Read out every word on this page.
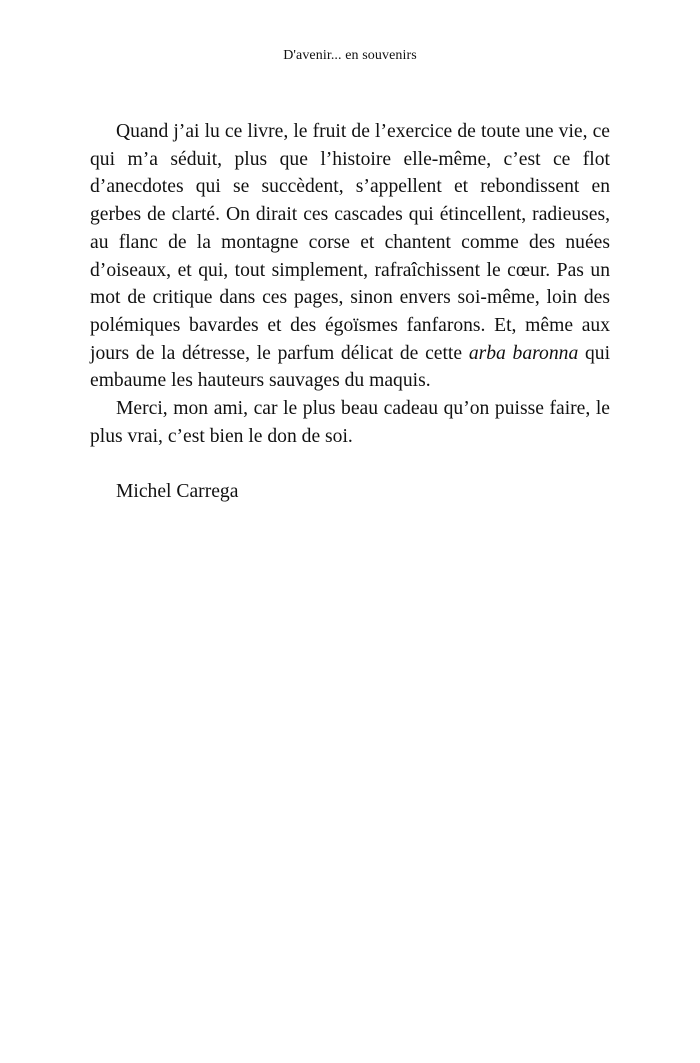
D'avenir... en souvenirs

Quand j’ai lu ce livre, le fruit de l’exercice de toute une vie, ce qui m’a séduit, plus que l’histoire elle-même, c’est ce flot d’anecdotes qui se succèdent, s’appellent et rebondissent en gerbes de clarté. On dirait ces cascades qui étincellent, radieuses, au flanc de la montagne corse et chantent comme des nuées d’oiseaux, et qui, tout simplement, rafraîchissent le cœur. Pas un mot de critique dans ces pages, sinon envers soi-même, loin des polémiques bavardes et des égoïsmes fanfarons. Et, même aux jours de la détresse, le parfum délicat de cette arba baronna qui embaume les hauteurs sauvages du maquis.

Merci, mon ami, car le plus beau cadeau qu’on puisse faire, le plus vrai, c’est bien le don de soi.

Michel Carrega
